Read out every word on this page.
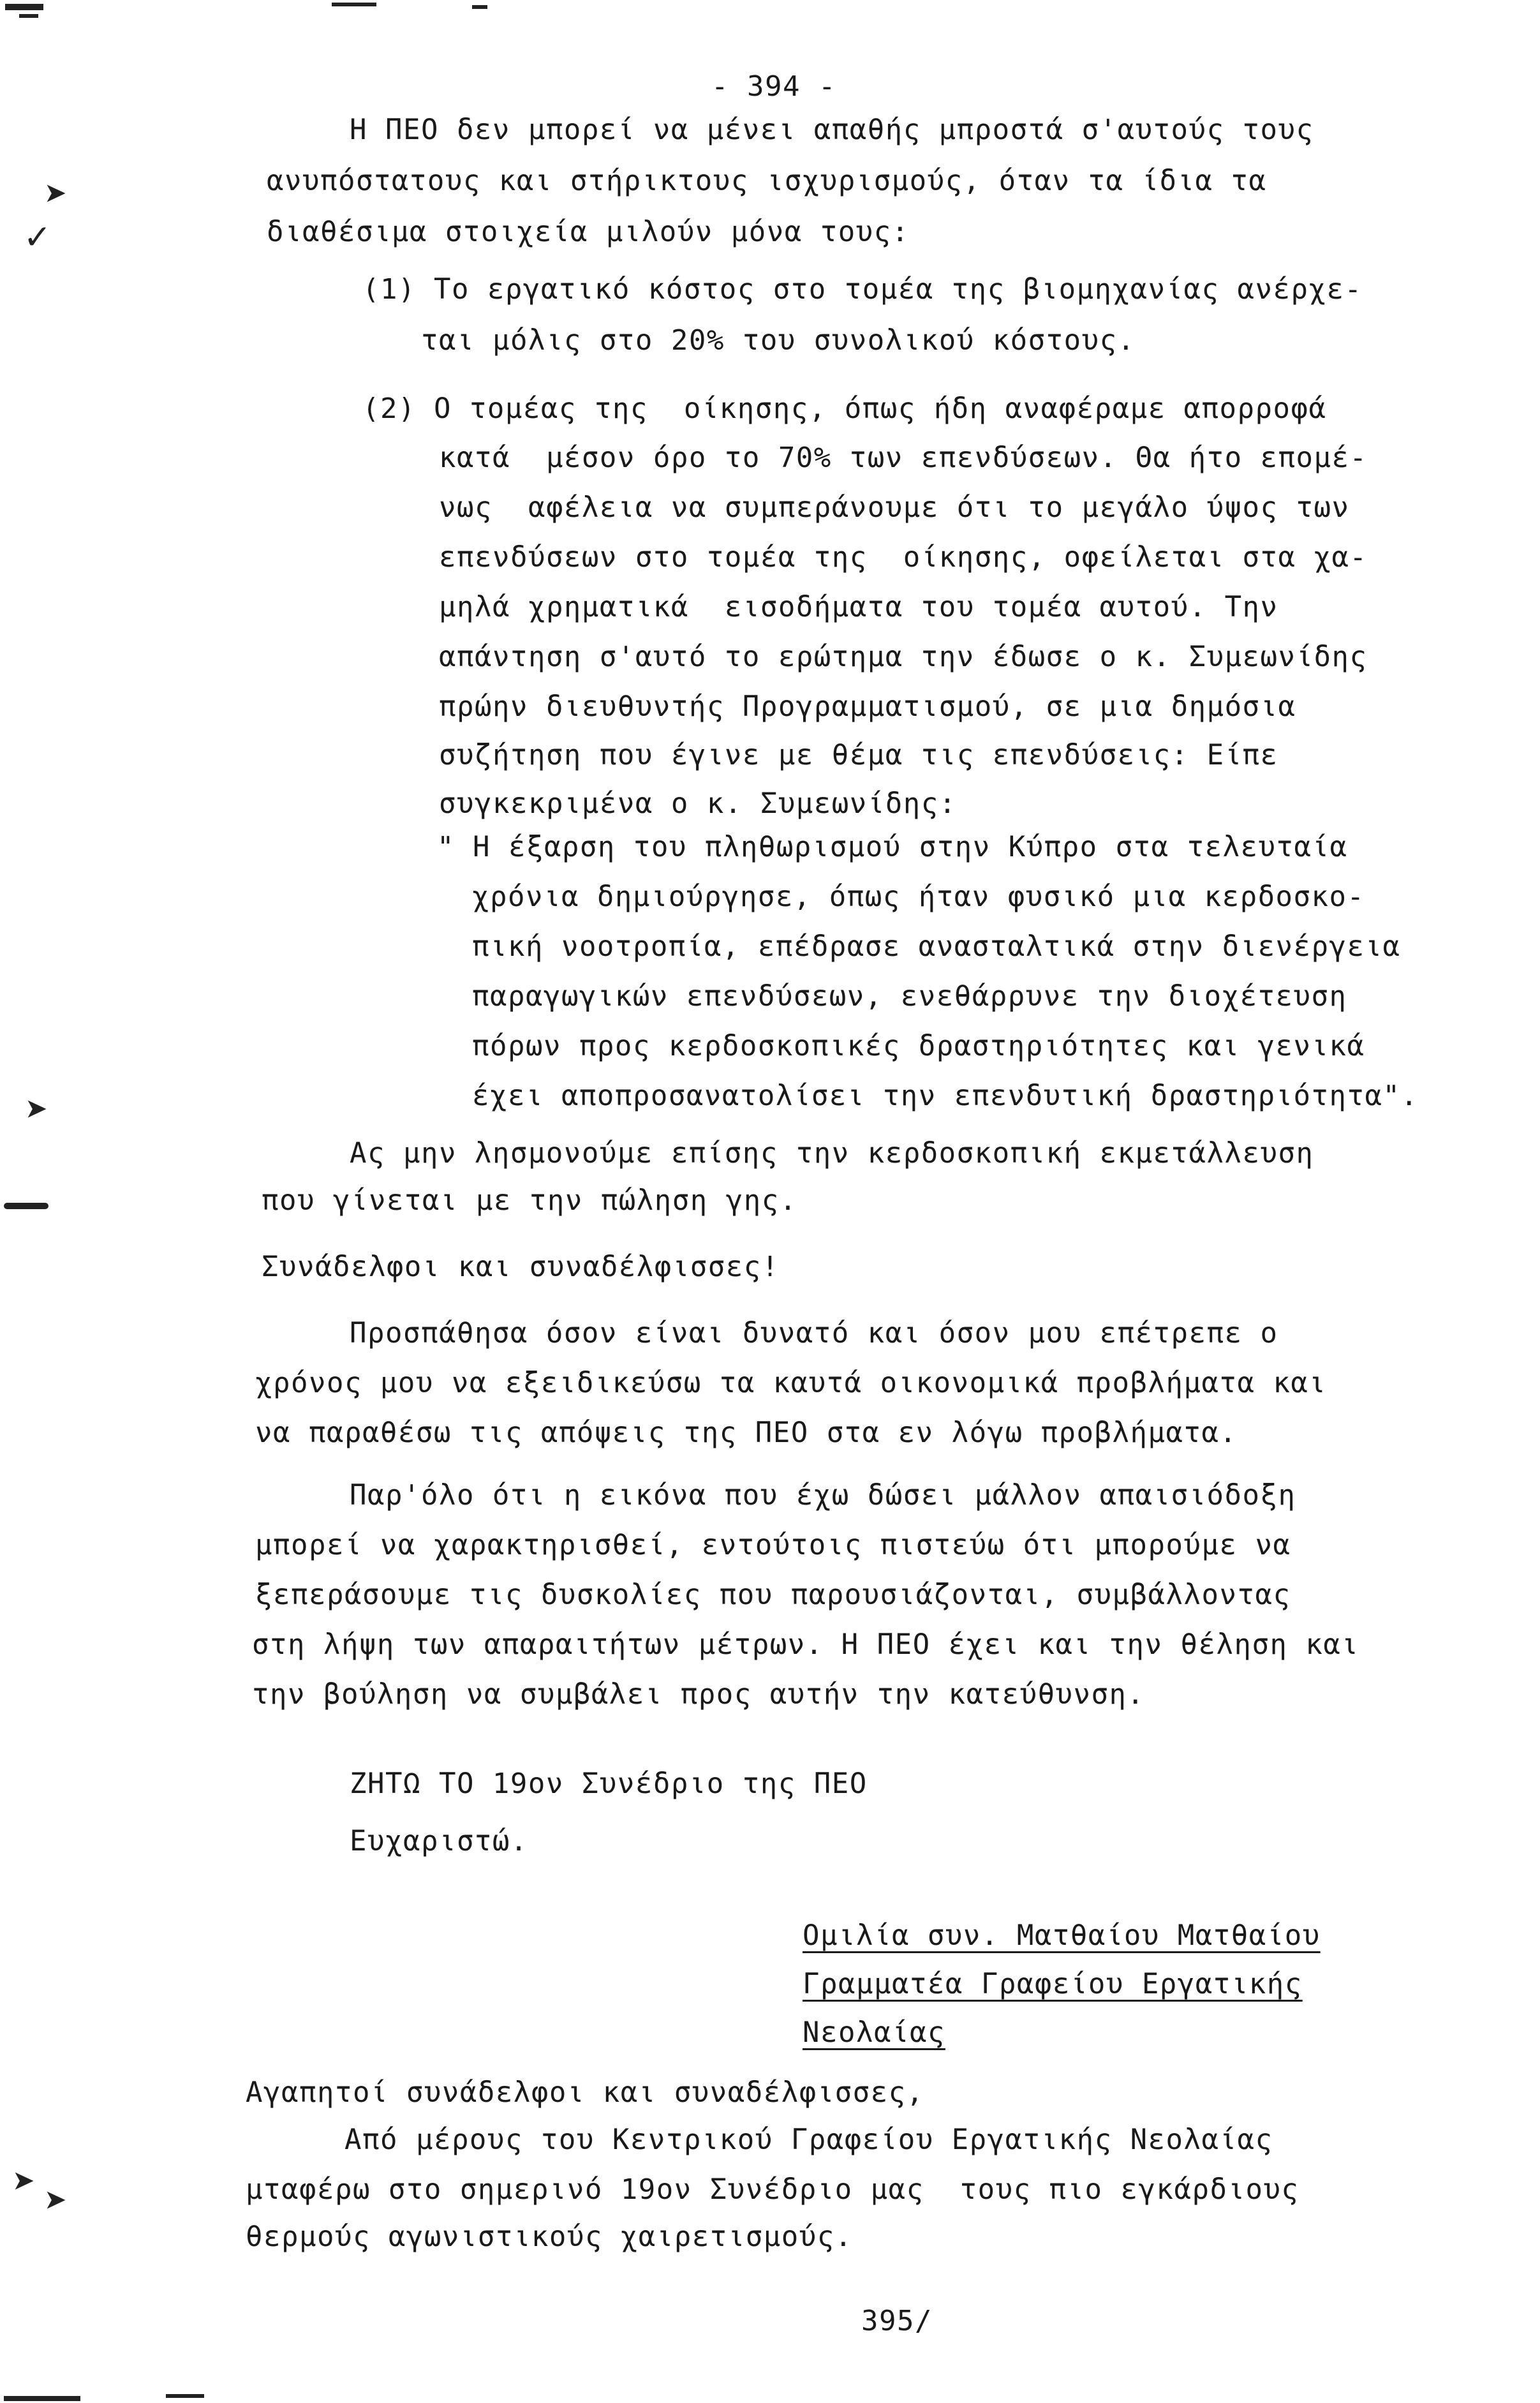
➤
✓
➤
➤ ➤

- 394 -

Η ΠΕΟ δεν μπορεί να μένει απαθής μπροστά σ'αυτούς τους

ανυπόστατους και στήρικτους ισχυρισμούς, όταν τα ίδια τα

διαθέσιμα στοιχεία μιλούν μόνα τους:

(1) Το εργατικό κόστος στο τομέα της βιομηχανίας ανέρχε-

ται μόλις στο 20% του συνολικού κόστους.

(2) Ο τομέας της  οίκησης, όπως ήδη αναφέραμε απορροφά

κατά  μέσον όρο το 70% των επενδύσεων. Θα ήτο επομέ-

νως  αφέλεια να συμπεράνουμε ότι το μεγάλο ύψος των

επενδύσεων στο τομέα της  οίκησης, οφείλεται στα χα-

μηλά χρηματικά  εισοδήματα του τομέα αυτού. Την

απάντηση σ'αυτό το ερώτημα την έδωσε ο κ. Συμεωνίδης

πρώην διευθυντής Προγραμματισμού, σε μια δημόσια

συζήτηση που έγινε με θέμα τις επενδύσεις: Είπε

συγκεκριμένα ο κ. Συμεωνίδης:

" Η έξαρση του πληθωρισμού στην Κύπρο στα τελευταία

χρόνια δημιούργησε, όπως ήταν φυσικό μια κερδοσκο-

πική νοοτροπία, επέδρασε ανασταλτικά στην διενέργεια

παραγωγικών επενδύσεων, ενεθάρρυνε την διοχέτευση

πόρων προς κερδοσκοπικές δραστηριότητες και γενικά

έχει αποπροσανατολίσει την επενδυτική δραστηριότητα".

Ας μην λησμονούμε επίσης την κερδοσκοπική εκμετάλλευση

που γίνεται με την πώληση γης.

Συνάδελφοι και συναδέλφισσες!

Προσπάθησα όσον είναι δυνατό και όσον μου επέτρεπε ο

χρόνος μου να εξειδικεύσω τα καυτά οικονομικά προβλήματα και

να παραθέσω τις απόψεις της ΠΕΟ στα εν λόγω προβλήματα.

Παρ'όλο ότι η εικόνα που έχω δώσει μάλλον απαισιόδοξη

μπορεί να χαρακτηρισθεί, εντούτοις πιστεύω ότι μπορούμε να

ξεπεράσουμε τις δυσκολίες που παρουσιάζονται, συμβάλλοντας

στη λήψη των απαραιτήτων μέτρων. Η ΠΕΟ έχει και την θέληση και

την βούληση να συμβάλει προς αυτήν την κατεύθυνση.

ΖΗΤΩ ΤΟ 19ον Συνέδριο της ΠΕΟ

Ευχαριστώ.

Ομιλία συν. Ματθαίου Ματθαίου

Γραμματέα Γραφείου Εργατικής

Νεολαίας

Αγαπητοί συνάδελφοι και συναδέλφισσες,

Από μέρους του Κεντρικού Γραφείου Εργατικής Νεολαίας

μταφέρω στο σημερινό 19ον Συνέδριο μας  τους πιο εγκάρδιους

θερμούς αγωνιστικούς χαιρετισμούς.

395/
